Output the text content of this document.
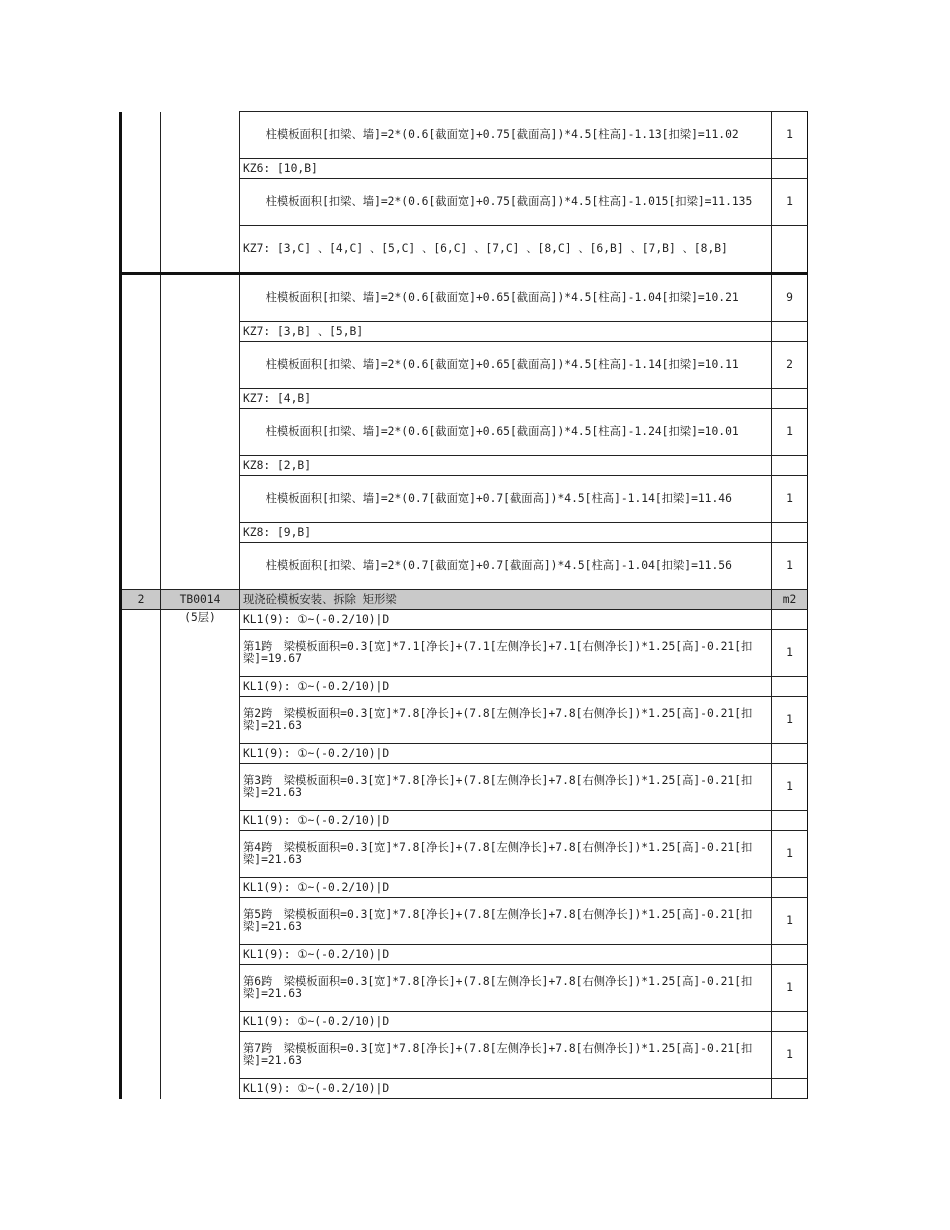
		柱模板面积[扣梁、墙]=2*(0.6[截面宽]+0.75[截面高])*4.5[柱高]-1.13[扣梁]=11.02	1
		KZ6: [10,B]	
		柱模板面积[扣梁、墙]=2*(0.6[截面宽]+0.75[截面高])*4.5[柱高]-1.015[扣梁]=11.135	1
		KZ7: [3,C] 、[4,C] 、[5,C] 、[6,C] 、[7,C] 、[8,C] 、[6,B] 、[7,B] 、[8,B]	
		柱模板面积[扣梁、墙]=2*(0.6[截面宽]+0.65[截面高])*4.5[柱高]-1.04[扣梁]=10.21	9
		KZ7: [3,B] 、[5,B]	
		柱模板面积[扣梁、墙]=2*(0.6[截面宽]+0.65[截面高])*4.5[柱高]-1.14[扣梁]=10.11	2
		KZ7: [4,B]	
		柱模板面积[扣梁、墙]=2*(0.6[截面宽]+0.65[截面高])*4.5[柱高]-1.24[扣梁]=10.01	1
		KZ8: [2,B]	
		柱模板面积[扣梁、墙]=2*(0.7[截面宽]+0.7[截面高])*4.5[柱高]-1.14[扣梁]=11.46	1
		KZ8: [9,B]	
		柱模板面积[扣梁、墙]=2*(0.7[截面宽]+0.7[截面高])*4.5[柱高]-1.04[扣梁]=11.56	1
2	TB0014	现浇砼模板安装、拆除 矩形梁	m2
	(5层)	KL1(9): ①~(-0.2/10)|D	
		第1跨　梁模板面积=0.3[宽]*7.1[净长]+(7.1[左侧净长]+7.1[右侧净长])*1.25[高]-0.21[扣梁]=19.67	1
		KL1(9): ①~(-0.2/10)|D	
		第2跨　梁模板面积=0.3[宽]*7.8[净长]+(7.8[左侧净长]+7.8[右侧净长])*1.25[高]-0.21[扣梁]=21.63	1
		KL1(9): ①~(-0.2/10)|D	
		第3跨　梁模板面积=0.3[宽]*7.8[净长]+(7.8[左侧净长]+7.8[右侧净长])*1.25[高]-0.21[扣梁]=21.63	1
		KL1(9): ①~(-0.2/10)|D	
		第4跨　梁模板面积=0.3[宽]*7.8[净长]+(7.8[左侧净长]+7.8[右侧净长])*1.25[高]-0.21[扣梁]=21.63	1
		KL1(9): ①~(-0.2/10)|D	
		第5跨　梁模板面积=0.3[宽]*7.8[净长]+(7.8[左侧净长]+7.8[右侧净长])*1.25[高]-0.21[扣梁]=21.63	1
		KL1(9): ①~(-0.2/10)|D	
		第6跨　梁模板面积=0.3[宽]*7.8[净长]+(7.8[左侧净长]+7.8[右侧净长])*1.25[高]-0.21[扣梁]=21.63	1
		KL1(9): ①~(-0.2/10)|D	
		第7跨　梁模板面积=0.3[宽]*7.8[净长]+(7.8[左侧净长]+7.8[右侧净长])*1.25[高]-0.21[扣梁]=21.63	1
		KL1(9): ①~(-0.2/10)|D	
